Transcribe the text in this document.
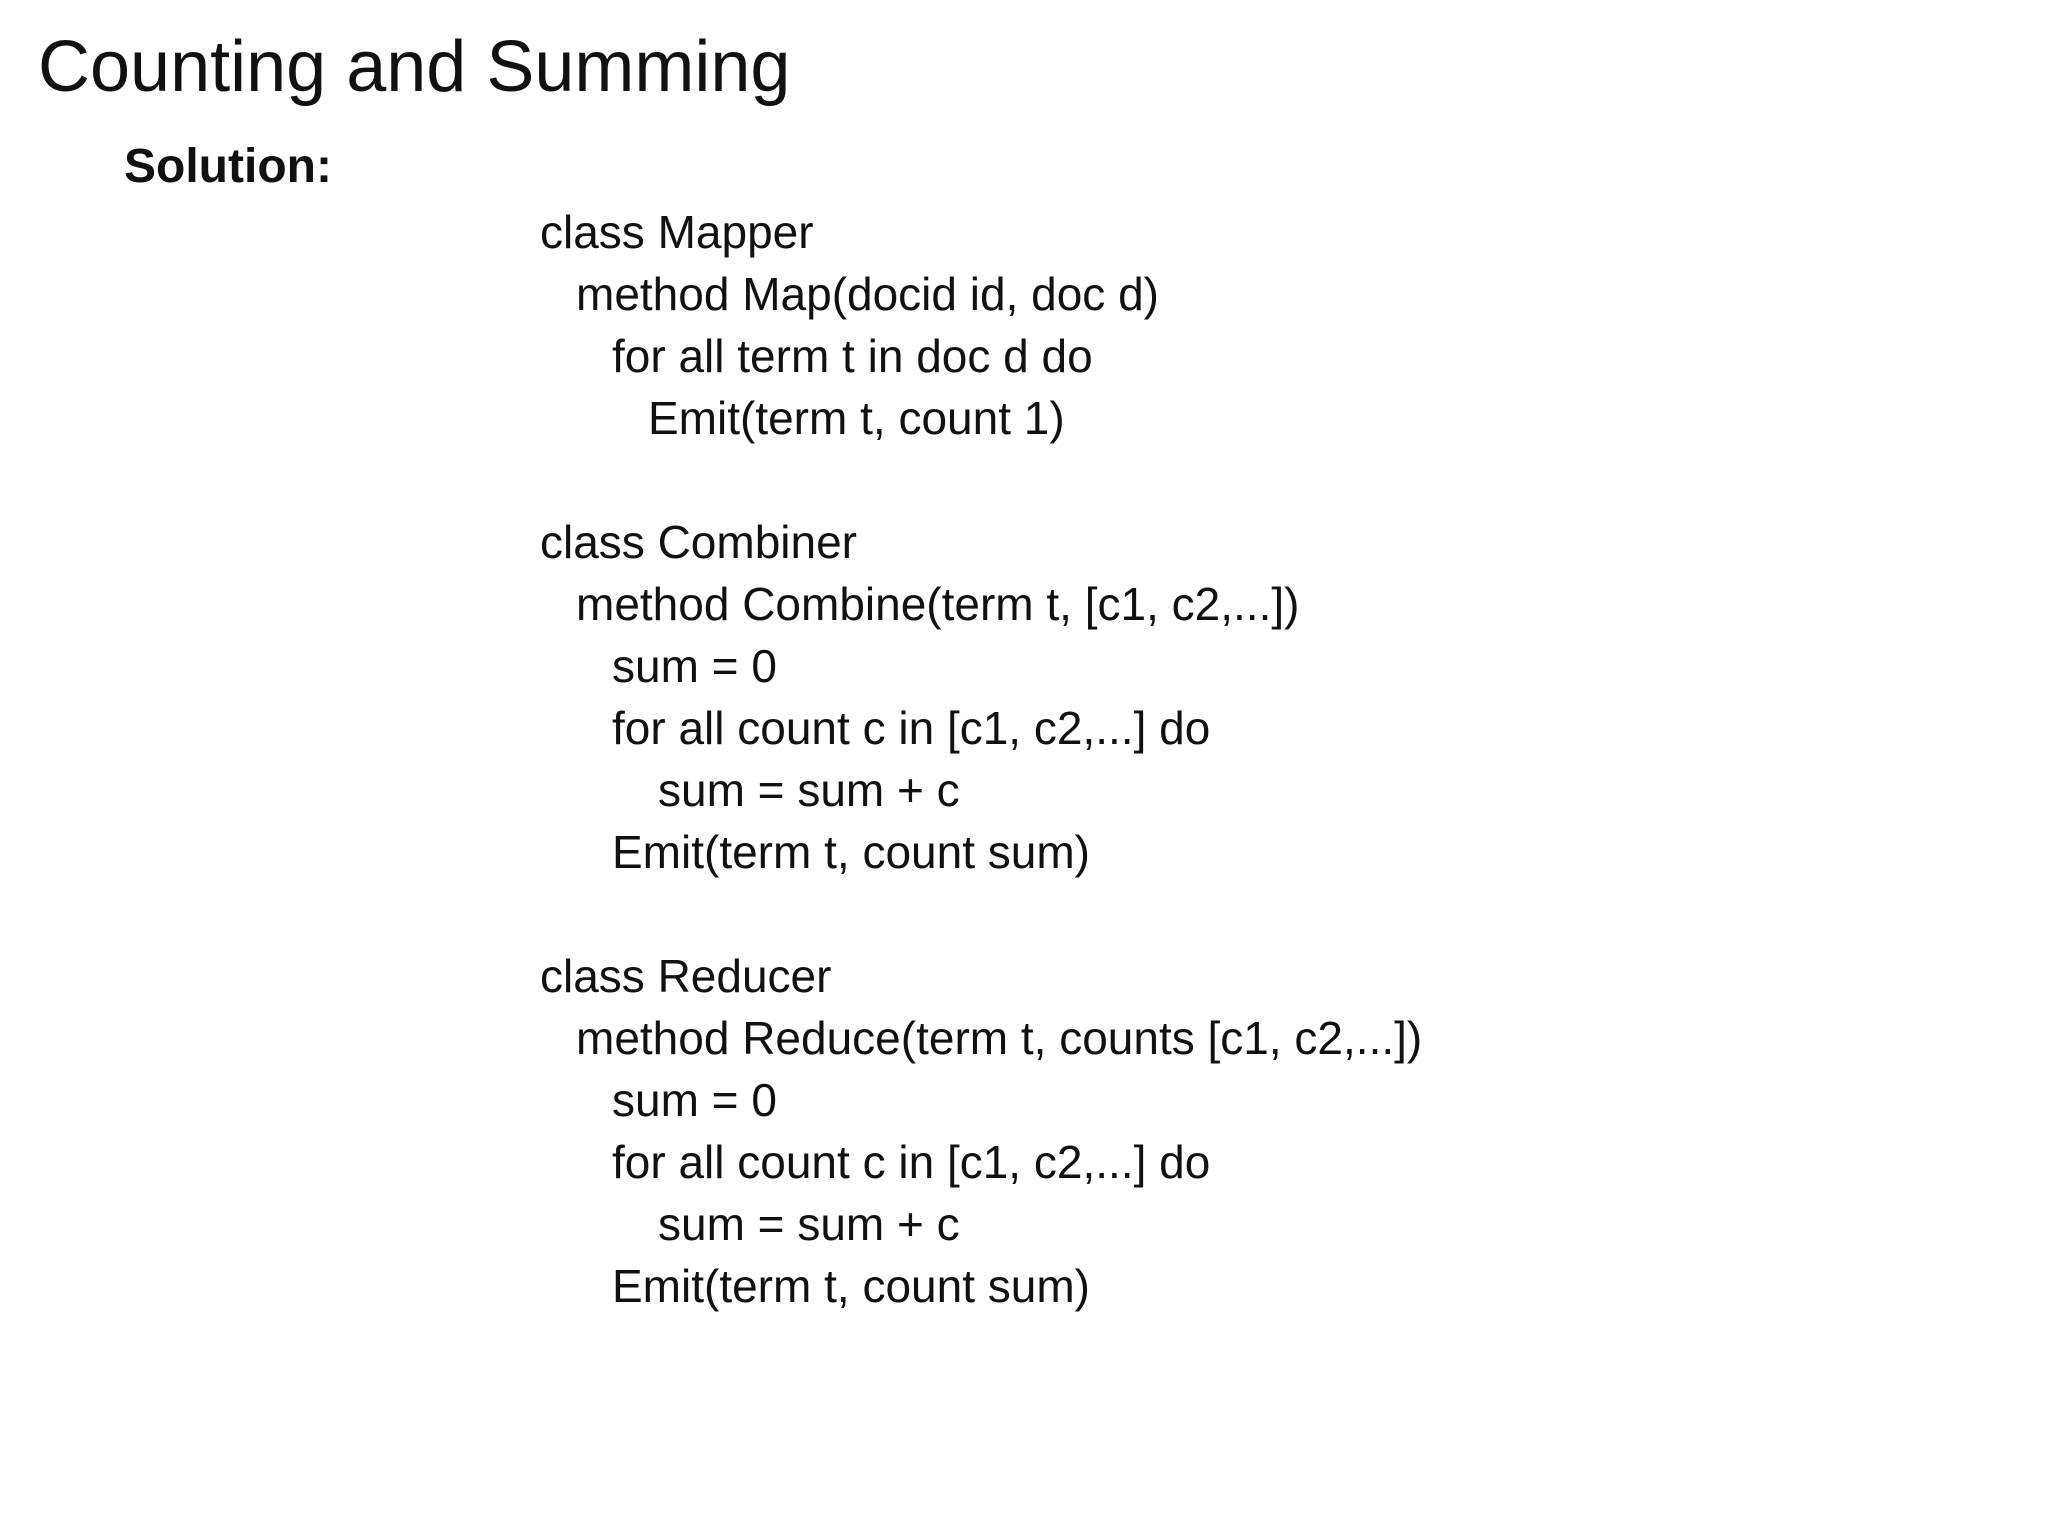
Counting and Summing
Solution:
class Mapper
method Map(docid id, doc d)
for all term t in doc d do
Emit(term t, count 1)
class Combiner
method Combine(term t, [c1, c2,...])
sum = 0
for all count c in [c1, c2,...] do
sum = sum + c
Emit(term t, count sum)
class Reducer
method Reduce(term t, counts [c1, c2,...])
sum = 0
for all count c in [c1, c2,...] do
sum = sum + c
Emit(term t, count sum)
